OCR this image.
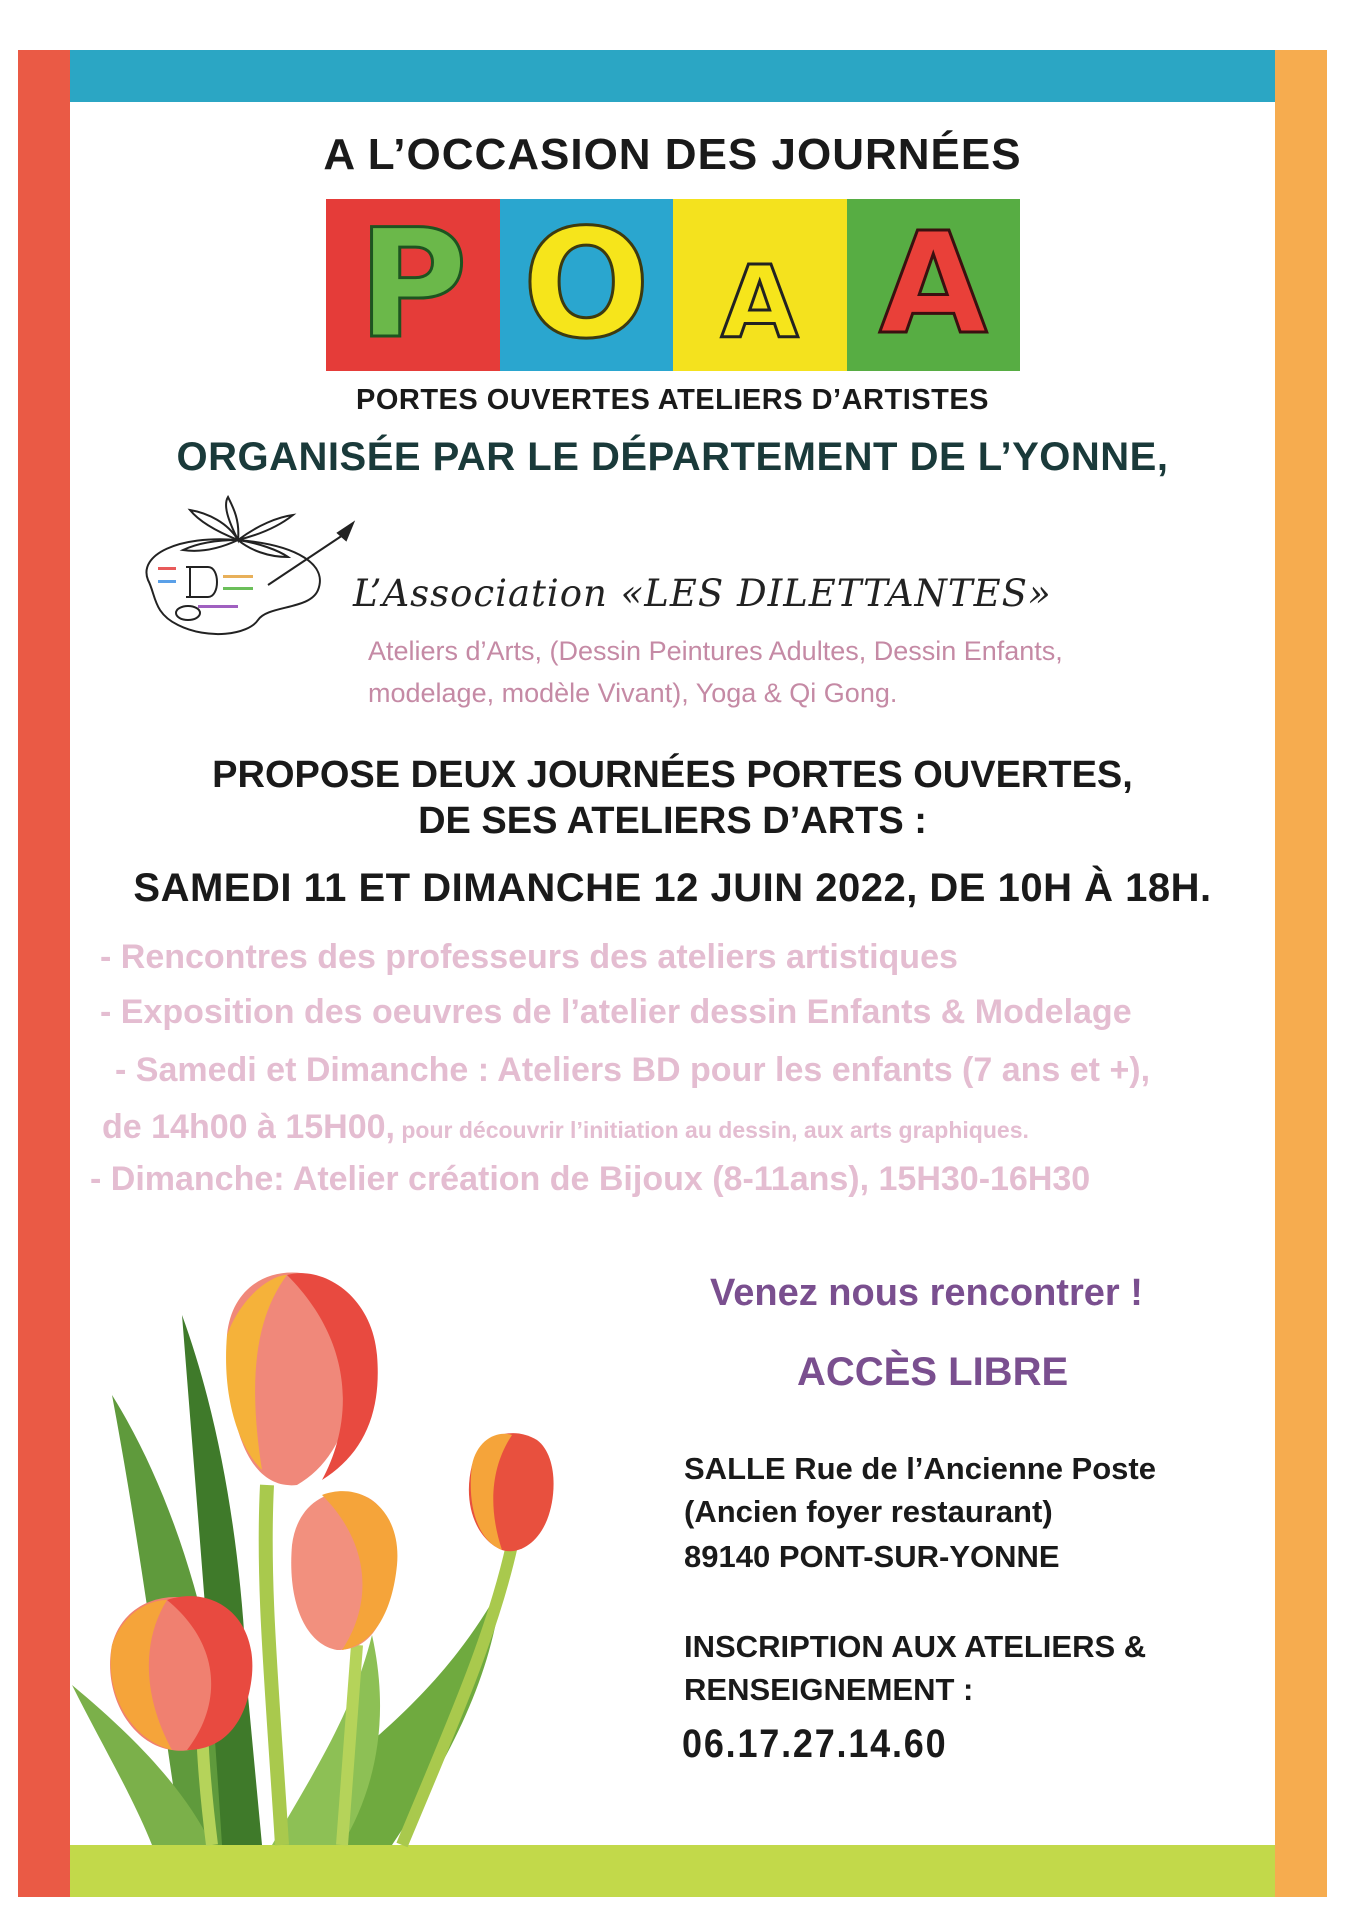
A L’OCCASION DES JOURNÉES
P O A A
PORTES OUVERTES ATELIERS D’ARTISTES
ORGANISÉE PAR LE DÉPARTEMENT DE L’YONNE,
L’Association «LES DILETTANTES»
Ateliers d’Arts, (Dessin Peintures Adultes, Dessin Enfants,
modelage, modèle Vivant), Yoga & Qi Gong.
PROPOSE DEUX JOURNÉES PORTES OUVERTES,
DE SES ATELIERS D’ARTS :
SAMEDI 11 ET DIMANCHE 12 JUIN 2022, DE 10H À 18H.
- Rencontres des professeurs des ateliers artistiques
- Exposition des oeuvres de l’atelier dessin Enfants & Modelage
- Samedi et Dimanche : Ateliers BD pour les enfants (7 ans et +),
de 14h00 à 15H00, pour découvrir l’initiation au dessin, aux arts graphiques.
- Dimanche: Atelier création de Bijoux (8-11ans), 15H30-16H30
Venez nous rencontrer !
ACCÈS LIBRE
SALLE Rue de l’Ancienne Poste
(Ancien foyer restaurant)
89140 PONT-SUR-YONNE
INSCRIPTION AUX ATELIERS &
RENSEIGNEMENT :
06.17.27.14.60
